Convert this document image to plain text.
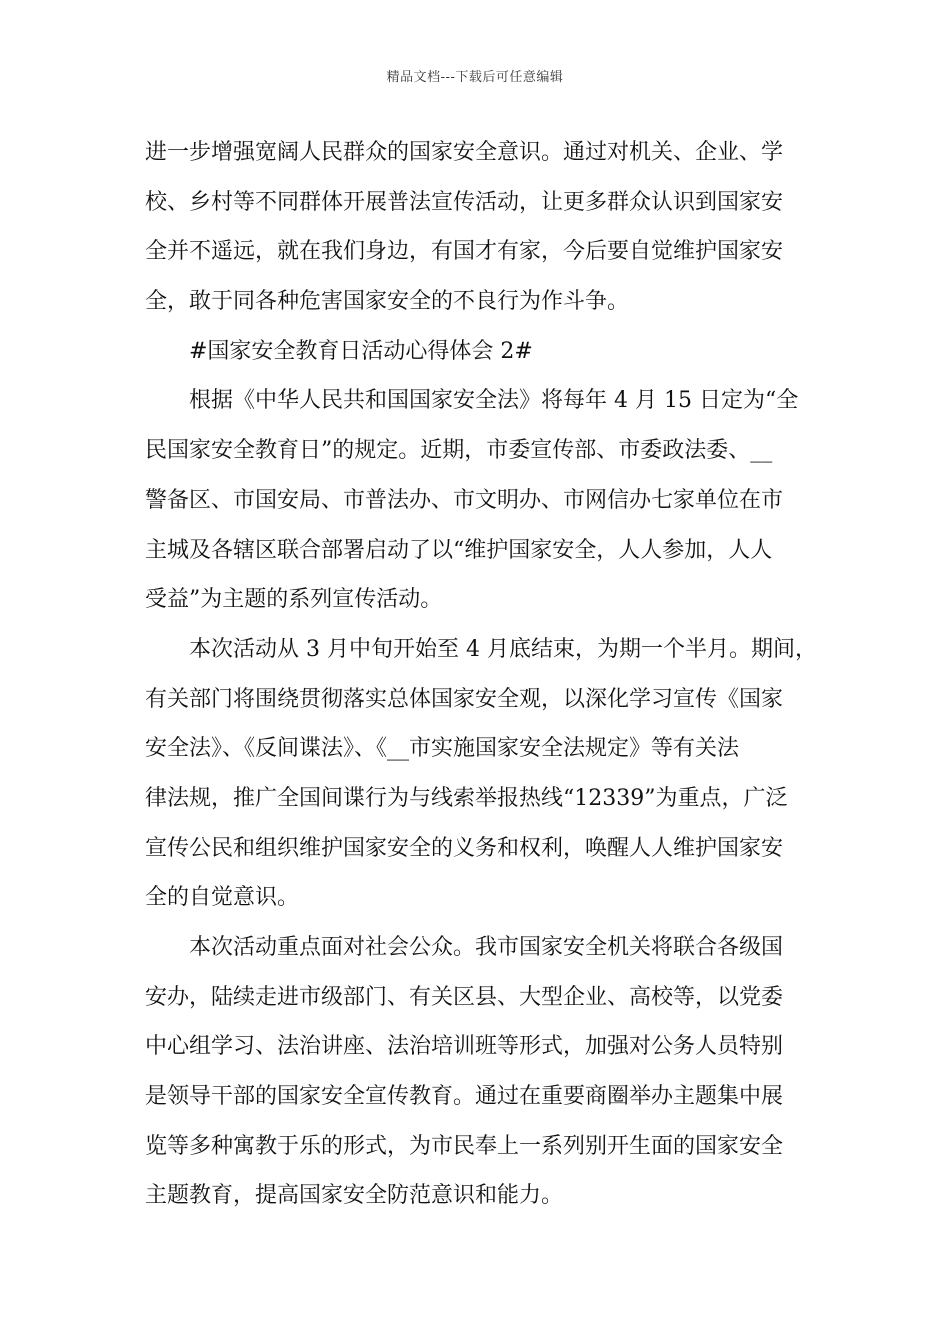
精品文档---下载后可任意编辑
进一步增强宽阔人民群众的国家安全意识。通过对机关、企业、学
校、乡村等不同群体开展普法宣传活动，让更多群众认识到国家安
全并不遥远，就在我们身边，有国才有家，今后要自觉维护国家安
全，敢于同各种危害国家安全的不良行为作斗争。
#国家安全教育日活动心得体会 2#
根据《中华人民共和国国家安全法》将每年 4 月 15 日定为“全
民国家安全教育日”的规定。近期，市委宣传部、市委政法委、__
警备区、市国安局、市普法办、市文明办、市网信办七家单位在市
主城及各辖区联合部署启动了以“维护国家安全，人人参加，人人
受益”为主题的系列宣传活动。
本次活动从 3 月中旬开始至 4 月底结束，为期一个半月。期间，
有关部门将围绕贯彻落实总体国家安全观，以深化学习宣传《国家
安全法》、《反间谍法》、《__市实施国家安全法规定》等有关法
律法规，推广全国间谍行为与线索举报热线“12339”为重点，广泛
宣传公民和组织维护国家安全的义务和权利，唤醒人人维护国家安
全的自觉意识。
本次活动重点面对社会公众。我市国家安全机关将联合各级国
安办，陆续走进市级部门、有关区县、大型企业、高校等，以党委
中心组学习、法治讲座、法治培训班等形式，加强对公务人员特别
是领导干部的国家安全宣传教育。通过在重要商圈举办主题集中展
览等多种寓教于乐的形式，为市民奉上一系列别开生面的国家安全
主题教育，提高国家安全防范意识和能力。
